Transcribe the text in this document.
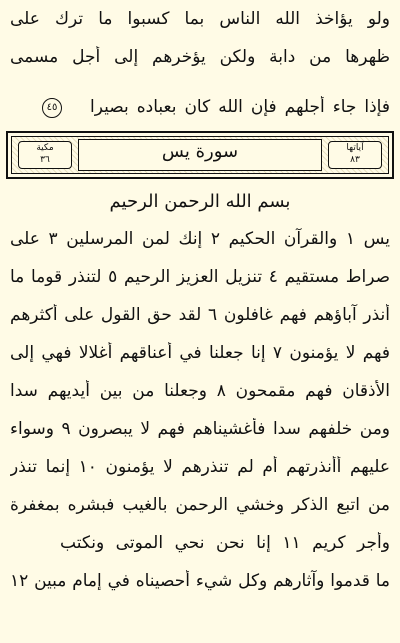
ولو يؤاخذ الله الناس بما كسبوا ما ترك على
ظهرها من دابة ولكن يؤخرهم إلى أجل مسمى
فإذا جاء أجلهم فإن الله كان بعباده بصيرا
٤٥
سورة يس
مكية
٣٦
آياتها
٨٣
بسم الله الرحمن الرحيم
يس ١ والقرآن الحكيم ٢ إنك لمن المرسلين ٣ على
صراط مستقيم ٤ تنزيل العزيز الرحيم ٥ لتنذر قوما ما
أنذر آباؤهم فهم غافلون ٦ لقد حق القول على أكثرهم
فهم لا يؤمنون ٧ إنا جعلنا في أعناقهم أغلالا فهي إلى
الأذقان فهم مقمحون ٨ وجعلنا من بين أيديهم سدا
ومن خلفهم سدا فأغشيناهم فهم لا يبصرون ٩ وسواء
عليهم أأنذرتهم أم لم تنذرهم لا يؤمنون ١٠ إنما تنذر
من اتبع الذكر وخشي الرحمن بالغيب فبشره بمغفرة
وأجر كريم ١١ إنا نحن نحي الموتى ونكتب
ما قدموا وآثارهم وكل شيء أحصيناه في إمام مبين ١٢
